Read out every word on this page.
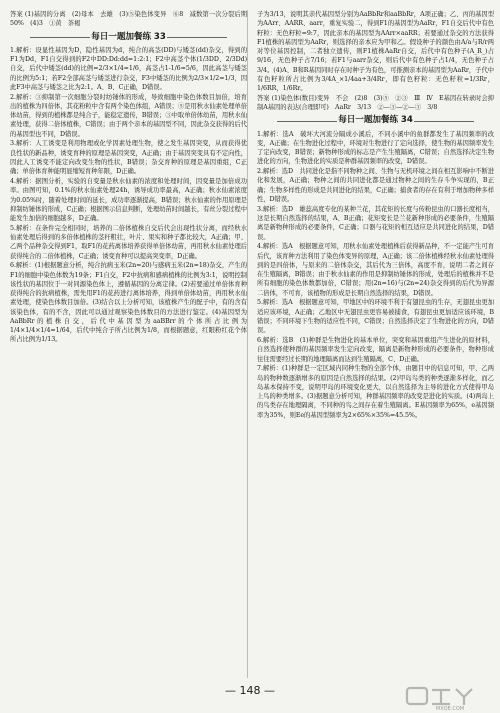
答案 (1)基因的分离　(2)母本　去雄　(3)⑤染色体变异　⑥8　减数第一次分裂后期　50%　(4)3　①黄　茶褐

每日一题加餐练 33

1.解析：设显性基因为D，隐性基因为d，纯合的高茎(DD)与矮茎(dd)杂交，得到的F1为Dd，F1自交得到的F2中DD:Dd:dd=1:2:1；F2中高茎个体(1/3DD、2/3Dd)自交，后代中矮茎(dd)的比例=2/3×1/4=1/6，高茎占1-1/6=5/6，因此高茎与矮茎的比例为5:1；若F2全部高茎与矮茎进行杂交，F3中矮茎的比例为2/3×1/2=1/3，因此F3中高茎与矮茎之比为2:1。A、B、C正确，D错误。

2.解析：③抑制第一次细胞分裂时纺锤体的形成，导致细胞中染色体数目加倍，培育出的植株为四倍体，其花粉粒中含有两个染色体组，A错误；⑤是用秋水仙素处理单倍体幼苗，得到的植株都是纯合子，能稳定遗传，B错误；③中取单倍体幼苗，用秋水仙素处理，获得二倍体植株，C错误；由于两个亲本的基因型不同，因此杂交获得的后代的基因型也不同，D错误。

3.解析：人工诱变是利用物理或化学因素处理生物，使之发生基因突变，从而获得优良性状的新品种，诱变育种的原理是基因突变，A正确；由于基因突变具有不定向性，因此人工诱变不能定向改变生物的性状，B错误；杂交育种的原理是基因重组，C正确；单倍体育种能明显缩短育种年限，D正确。

4.解析：据图分析，实验的自变量是秋水仙素的浓度和处理时间，因变量是加倍成功率。由图可知，0.1%的秋水仙素处理24h，诱导成功率最高，A正确；秋水仙素浓度为0.05%时，随着处理时间的延长，成功率逐渐提高，B错误；秋水仙素的作用原理是抑制纺锤体的形成，C正确；根据图示信息判断，处理幼苗时间越长，有丝分裂过程中能发生加倍的细胞越多，D正确。

5.解析：在条件完全相同时，培养的二倍体植株自交后代会出现性状分离，而经秋水仙素处理后得到的多倍体植株的茎秆粗壮，叶片、果实和种子都比较大，A正确；甲、乙两个品种杂交得到F1，取F1的花药离体培养获得单倍体幼苗，再用秋水仙素处理后获得纯合的二倍体植株，C正确；诱变育种可以提高突变率，D正确。

6.解析：(1)根据题意分析，纯合抗病玉米(2n=20)与感病玉米(2n=18)杂交，产生的F1的细胞中染色体数为19条；F1自交，F2中抗病和感病植株的比例为3:1，说明控制该性状的基因位于一对同源染色体上，遵循基因的分离定律。(2)若要通过单倍体育种获得纯合的抗病植株，需先用F1的花药进行离体培养，得到单倍体幼苗，再用秋水仙素处理，使染色体数目加倍。(3)结合以上分析可知，该植株产生的配子中，有的含有该染色体，有的不含，因此可以通过观察染色体数目的方法进行鉴定。(4)基因型为AaBbRr的植株自交，后代中基因型为aaBBrr的个体所占比例为1/4×1/4×1/4=1/64，后代中纯合子所占比例为1/8，而根据题意，红眼粉红花个体所占比例为1/13。

子为3/13，说明其亲代基因型分别为AaBbRr和aaBbRr，A项正确；乙、丙的基因型为AArr、AARR、aarr，重复实验二，得到F1的基因型为AaRr，F1自交后代中有色籽粒：无色籽粒=9:7，因此亲本的基因型为AArr×aaRR；若要通过杂交的方法获得F1植株的基因型为AaRr，则选择的亲本应为甲和乙。假设种子的颜色由A/a与R/r两对等位基因控制，二者独立遗传，则F1植株AaRr自交，后代中有色种子(A_R_)占9/16，无色种子占7/16；若F1与aarr杂交，则后代中有色种子占1/4，无色种子占3/4。(4)A、B和R基因同时存在时种子为有色，可推测亲本的基因型为AaRr，子代中有色籽粒所占比例为3/4A_×1/4aa+3/4Rr，即有色籽粒：无色籽粒=1/3Rr，1/6RR，1/6Rr。

答案 (1)染色体(数目)变异　不会　(2)8　(3)⑤　②③　Ⅲ　Ⅳ　E基因在转录时会抑制A基因的表达(合理即可)　AaRr　3/13　②—③—②—③　3/8

每日一题加餐练 34

1.解析：选A　破坏大河流分隔成小溪后，不同小溪中的鱼群都发生了基因频率的改变，A正确；在生物进化过程中，环境对生物进行了定向选择，使生物的基因频率发生了定向改变，B错误；新物种形成的标志是产生生殖隔离，C错误；自然选择决定生物进化的方向，生物进化的实质是种群基因频率的改变，D错误。

2.解析：选D　共同进化是指不同物种之间、生物与无机环境之间在相互影响中不断进化和发展，A正确；物种之间的共同进化都是通过物种之间的生存斗争实现的，B正确；生物多样性的形成是共同进化的结果，C正确；捕食者的存在有利于增加物种多样性，D错误。

3.解析：选D　雄蕊高度专化的某种兰花，其花矩的长度与传粉昆虫的口器长度相当，这是长期自然选择的结果，A、B正确；花矩变长是兰花新种形成的必要条件，生殖隔离是新物种形成的必要条件，C正确；口器与花矩的相互适应是共同进化的结果，D错误。

4.解析：选A　根据题意可知，用秋水仙素处理植株后获得新品种，不一定能产生可育后代，该育种方法利用了染色体变异的原理，A正确；该二倍体植株经秋水仙素处理得到的是四倍体，与原来的二倍体杂交，其后代为三倍体，高度不育，说明二者之间存在生殖隔离，B错误；由于秋水仙素的作用是抑制纺锤体的形成，处理后的植株并不是所有细胞的染色体数都加倍，C错误；用(2n=16)与(2n=24)杂交得到的后代为异源二倍体，不可育，该植物的形成是长期自然选择的结果，D错误。

5.解析：选A　根据题意可知，甲地区中的环境不利于有翅昆虫的生存，无翅昆虫更加适应该环境，A正确；乙地区中无翅昆虫更容易被捕食，有翅昆虫更加适应该环境，B错误；不同环境下生物的适应性不同，C错误；自然选择决定了生物进化的方向，D错误。

6.解析：选B　(1)种群是生物进化的基本单位，突变和基因重组产生进化的原材料，自然选择使种群的基因频率发生定向改变，隔离是新物种形成的必要条件，物种形成往往需要经过长期的地理隔离而达到生殖隔离，C、D正确。

7.解析：(1)种群是一定区域内同种生物的全部个体，由题目中的信息可知，甲、乙两岛的物种数逐渐增多的原因是自然选择的结果。(2)甲岛鸟类的种类逐渐多样化，而乙岛基本保持不变，说明甲岛的环境变化更大，以自然选择为主导的进化方式使得甲岛上鸟的种类增多。(3)据题意分析可知，种群基因频率的改变是进化的实质。(4)两岛上的鸟类存在地理隔离，不同种的鸟之间存在着生殖隔离。E基因频率为65%，e基因频率为35%，则Ee的基因型频率为2×65%×35%=45.5%。

— 148 —
MXQE.COM
